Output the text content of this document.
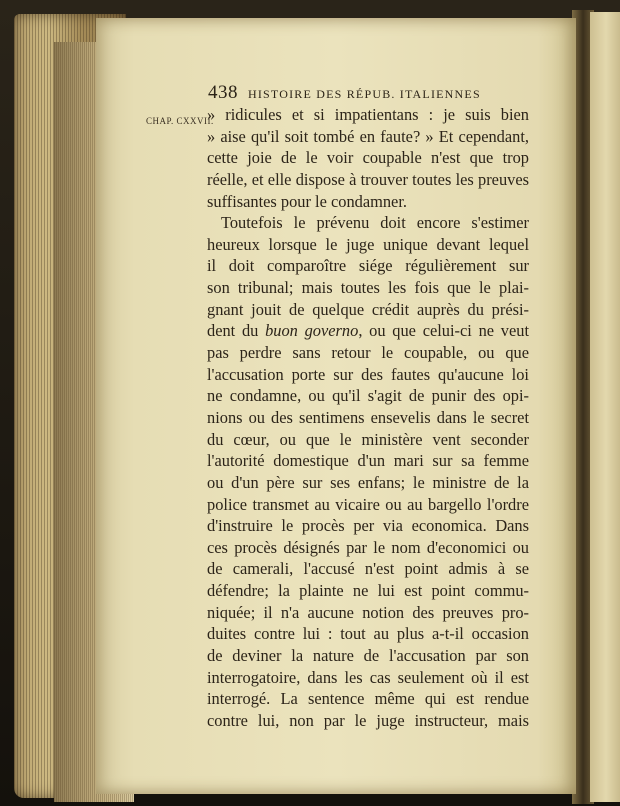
438 HISTOIRE DES RÉPUB. ITALIENNES
CHAP. CXXVII.
» ridicules et si impatientans : je suis bien
» aise qu'il soit tombé en faute? » Et cependant,
cette joie de le voir coupable n'est que trop
réelle, et elle dispose à trouver toutes les preuves
suffisantes pour le condamner.
Toutefois le prévenu doit encore s'estimer
heureux lorsque le juge unique devant lequel
il doit comparoître siége régulièrement sur
son tribunal; mais toutes les fois que le plai-
gnant jouit de quelque crédit auprès du prési-
dent du buon governo, ou que celui-ci ne veut
pas perdre sans retour le coupable, ou que
l'accusation porte sur des fautes qu'aucune loi
ne condamne, ou qu'il s'agit de punir des opi-
nions ou des sentimens ensevelis dans le secret
du cœur, ou que le ministère vent seconder
l'autorité domestique d'un mari sur sa femme
ou d'un père sur ses enfans; le ministre de la
police transmet au vicaire ou au bargello l'ordre
d'instruire le procès per via economica. Dans
ces procès désignés par le nom d'economici ou
de camerali, l'accusé n'est point admis à se
défendre; la plainte ne lui est point commu-
niquée; il n'a aucune notion des preuves pro-
duites contre lui : tout au plus a-t-il occasion
de deviner la nature de l'accusation par son
interrogatoire, dans les cas seulement où il est
interrogé. La sentence même qui est rendue
contre lui, non par le juge instructeur, mais
